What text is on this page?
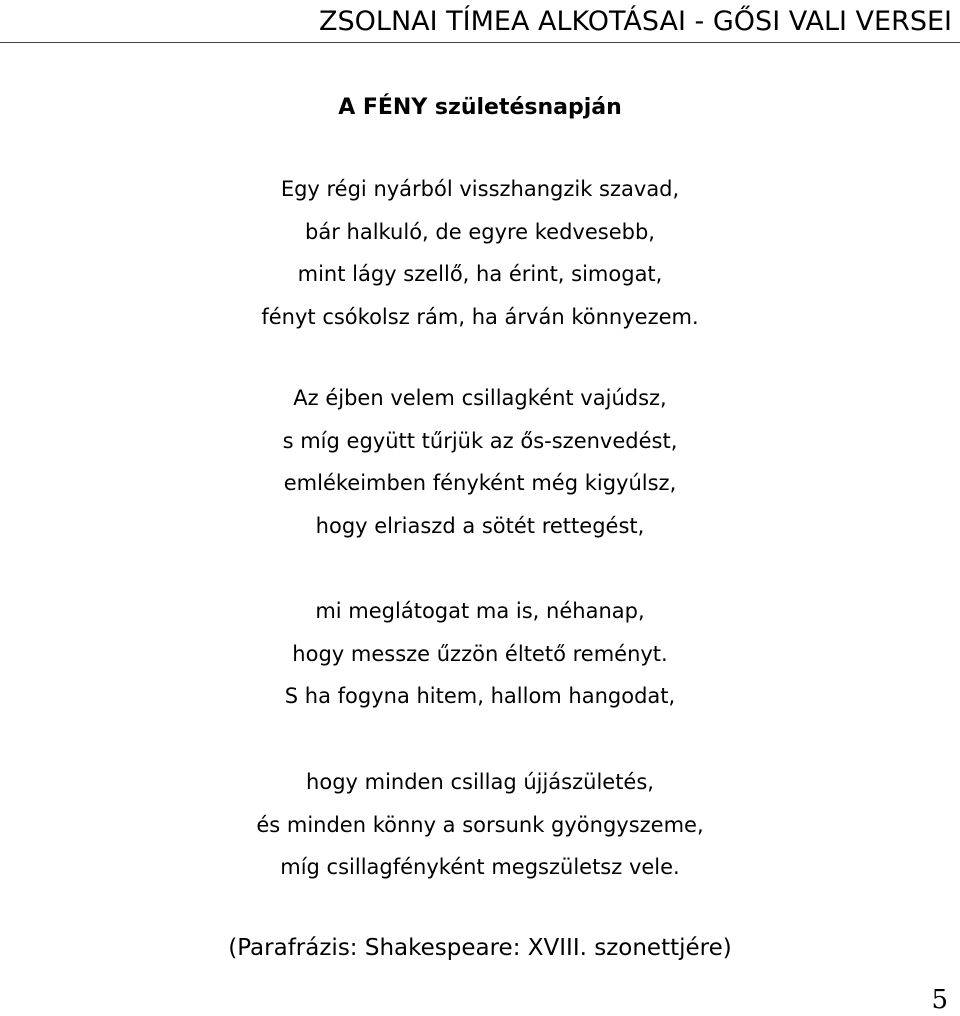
ZSOLNAI TÍMEA ALKOTÁSAI - GŐSI VALI VERSEI
A FÉNY születésnapján
Egy régi nyárból visszhangzik szavad,
bár halkuló, de egyre kedvesebb,
mint lágy szellő, ha érint, simogat,
fényt csókolsz rám, ha árván könnyezem.
Az éjben velem csillagként vajúdsz,
s míg együtt tűrjük az ős-szenvedést,
emlékeimben fényként még kigyúlsz,
hogy elriaszd a sötét rettegést,
mi meglátogat ma is, néhanap,
hogy messze űzzön éltető reményt.
S ha fogyna hitem, hallom hangodat,
hogy minden csillag újjászületés,
és minden könny a sorsunk gyöngyszeme,
míg csillagfényként megszületsz vele.
(Parafrázis: Shakespeare: XVIII. szonettjére)
5
